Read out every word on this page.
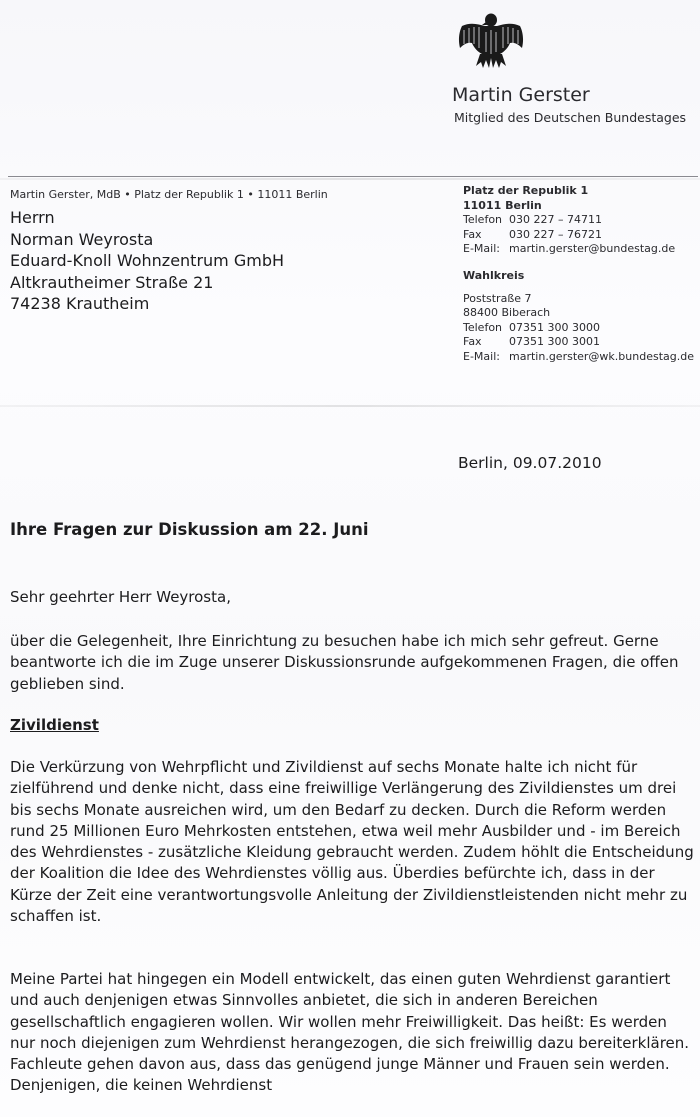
Martin Gerster
Mitglied des Deutschen Bundestages
Martin Gerster, MdB • Platz der Republik 1 • 11011 Berlin
Herrn
Norman Weyrosta
Eduard-Knoll Wohnzentrum GmbH
Altkrautheimer Straße 21
74238 Krautheim
Platz der Republik 1
11011 Berlin
Telefon 030 227 – 74711
Fax 030 227 – 76721
E-Mail: martin.gerster@bundestag.de
Wahlkreis
Poststraße 7
88400 Biberach
Telefon 07351 300 3000
Fax 07351 300 3001
E-Mail: martin.gerster@wk.bundestag.de
Berlin, 09.07.2010
Ihre Fragen zur Diskussion am 22. Juni

Sehr geehrter Herr Weyrosta,

über die Gelegenheit, Ihre Einrichtung zu besuchen habe ich mich sehr gefreut. Gerne beantworte ich die im Zuge unserer Diskussionsrunde aufgekommenen Fragen, die offen geblieben sind.

Zivildienst

Die Verkürzung von Wehrpflicht und Zivildienst auf sechs Monate halte ich nicht für zielführend und denke nicht, dass eine freiwillige Verlängerung des Zivildienstes um drei bis sechs Monate ausreichen wird, um den Bedarf zu decken. Durch die Reform werden rund 25 Millionen Euro Mehrkosten entstehen, etwa weil mehr Ausbilder und - im Bereich des Wehrdienstes - zusätzliche Kleidung gebraucht werden. Zudem höhlt die Entscheidung der Koalition die Idee des Wehrdienstes völlig aus. Überdies befürchte ich, dass in der Kürze der Zeit eine verantwortungsvolle Anleitung der Zivildienstleistenden nicht mehr zu schaffen ist.

Meine Partei hat hingegen ein Modell entwickelt, das einen guten Wehrdienst garantiert und auch denjenigen etwas Sinnvolles anbietet, die sich in anderen Bereichen gesellschaftlich engagieren wollen. Wir wollen mehr Freiwilligkeit. Das heißt: Es werden nur noch diejenigen zum Wehrdienst herangezogen, die sich freiwillig dazu bereiterklären. Fachleute gehen davon aus, dass das genügend junge Männer und Frauen sein werden. Denjenigen, die keinen Wehrdienst
